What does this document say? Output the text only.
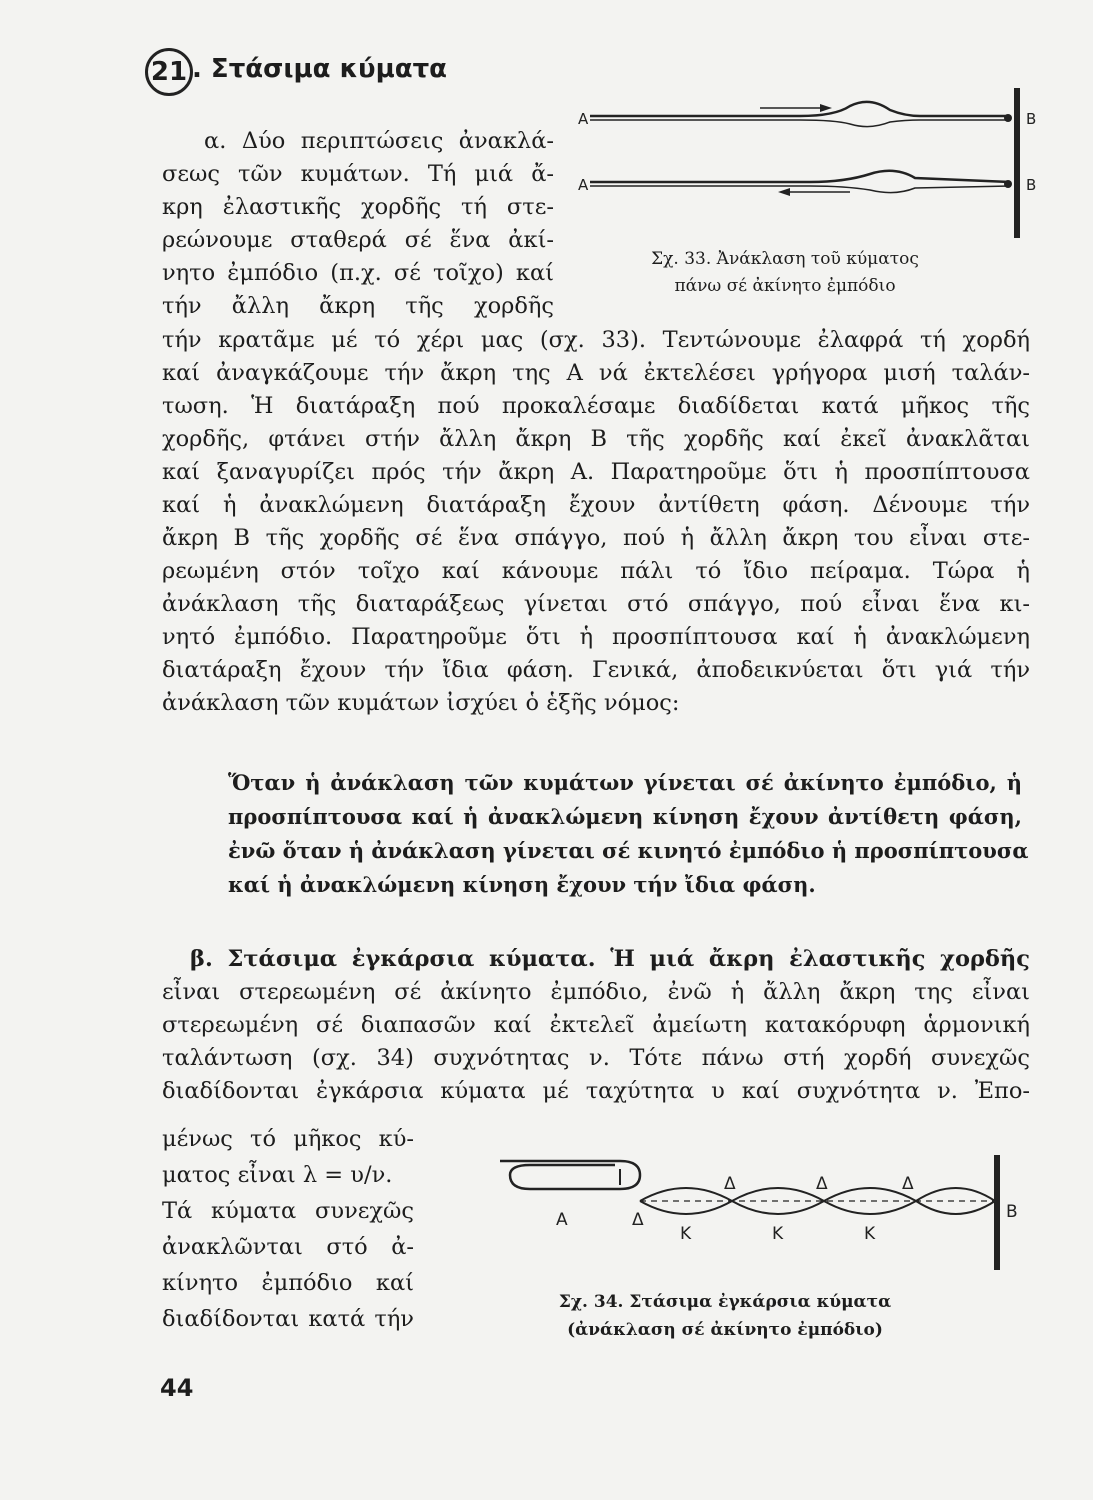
21 . Στάσιμα κύματα
α. Δύο περιπτώσεις ἀνακλά-
σεως τῶν κυμάτων. Τή μιά ἄ-
κρη ἐλαστικῆς χορδῆς τή στε-
ρεώνουμε σταθερά σέ ἕνα ἀκί-
νητο ἐμπόδιο (π.χ. σέ τοῖχο) καί
τήν ἄλλη ἄκρη τῆς χορδῆς
A
A
B
B
Σχ. 33. Ἀνάκλαση τοῦ κύματος
πάνω σέ ἀκίνητο ἐμπόδιο
τήν κρατᾶμε μέ τό χέρι μας (σχ. 33). Τεντώνουμε ἐλαφρά τή χορδή
καί ἀναγκάζουμε τήν ἄκρη της A νά ἐκτελέσει γρήγορα μισή ταλάν-
τωση. Ἡ διατάραξη πού προκαλέσαμε διαδίδεται κατά μῆκος τῆς
χορδῆς, φτάνει στήν ἄλλη ἄκρη B τῆς χορδῆς καί ἐκεῖ ἀνακλᾶται
καί ξαναγυρίζει πρός τήν ἄκρη A. Παρατηροῦμε ὅτι ἡ προσπίπτουσα
καί ἡ ἀνακλώμενη διατάραξη ἔχουν ἀντίθετη φάση. Δένουμε τήν
ἄκρη B τῆς χορδῆς σέ ἕνα σπάγγο, πού ἡ ἄλλη ἄκρη του εἶναι στε-
ρεωμένη στόν τοῖχο καί κάνουμε πάλι τό ἴδιο πείραμα. Τώρα ἡ
ἀνάκλαση τῆς διαταράξεως γίνεται στό σπάγγο, πού εἶναι ἕνα κι-
νητό ἐμπόδιο. Παρατηροῦμε ὅτι ἡ προσπίπτουσα καί ἡ ἀνακλώμενη
διατάραξη ἔχουν τήν ἴδια φάση. Γενικά, ἀποδεικνύεται ὅτι γιά τήν
ἀνάκλαση τῶν κυμάτων ἰσχύει ὁ ἑξῆς νόμος:
Ὅταν ἡ ἀνάκλαση τῶν κυμάτων γίνεται σέ ἀκίνητο ἐμπόδιο, ἡ
προσπίπτουσα καί ἡ ἀνακλώμενη κίνηση ἔχουν ἀντίθετη φάση,
ἐνῶ ὅταν ἡ ἀνάκλαση γίνεται σέ κινητό ἐμπόδιο ἡ προσπίπτουσα
καί ἡ ἀνακλώμενη κίνηση ἔχουν τήν ἴδια φάση.
β. Στάσιμα ἐγκάρσια κύματα. Ἡ μιά ἄκρη ἐλαστικῆς χορδῆς
εἶναι στερεωμένη σέ ἀκίνητο ἐμπόδιο, ἐνῶ ἡ ἄλλη ἄκρη της εἶναι
στερεωμένη σέ διαπασῶν καί ἐκτελεῖ ἀμείωτη κατακόρυφη ἁρμονική
ταλάντωση (σχ. 34) συχνότητας ν. Τότε πάνω στή χορδή συνεχῶς
διαδίδονται ἐγκάρσια κύματα μέ ταχύτητα υ καί συχνότητα ν. Ἐπο-
μένως τό μῆκος κύ-
ματος εἶναι λ = υ/ν.
Τά κύματα συνεχῶς
ἀνακλῶνται στό ἀ-
κίνητο ἐμπόδιο καί
διαδίδονται κατά τήν
A	Δ
Δ	Δ	Δ
K	K	K
B
Σχ. 34. Στάσιμα ἐγκάρσια κύματα
(ἀνάκλαση σέ ἀκίνητο ἐμπόδιο)
44
